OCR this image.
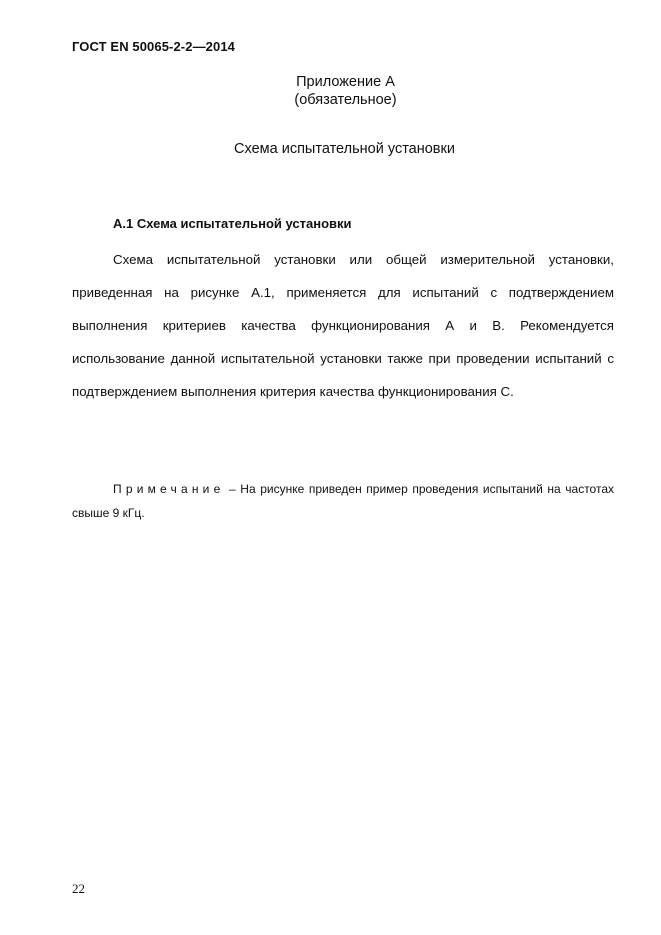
ГОСТ EN 50065-2-2—2014
Приложение А
(обязательное)
Схема испытательной установки
А.1 Схема испытательной установки

Схема испытательной установки или общей измерительной установки, приведенная на рисунке А.1, применяется для испытаний с подтверждением выполнения критериев качества функционирования А и В. Рекомендуется использование данной испытательной установки также при проведении испытаний с подтверждением выполнения критерия качества функционирования С.

Примечание – На рисунке приведен пример проведения испытаний на частотах свыше 9 кГц.

22
